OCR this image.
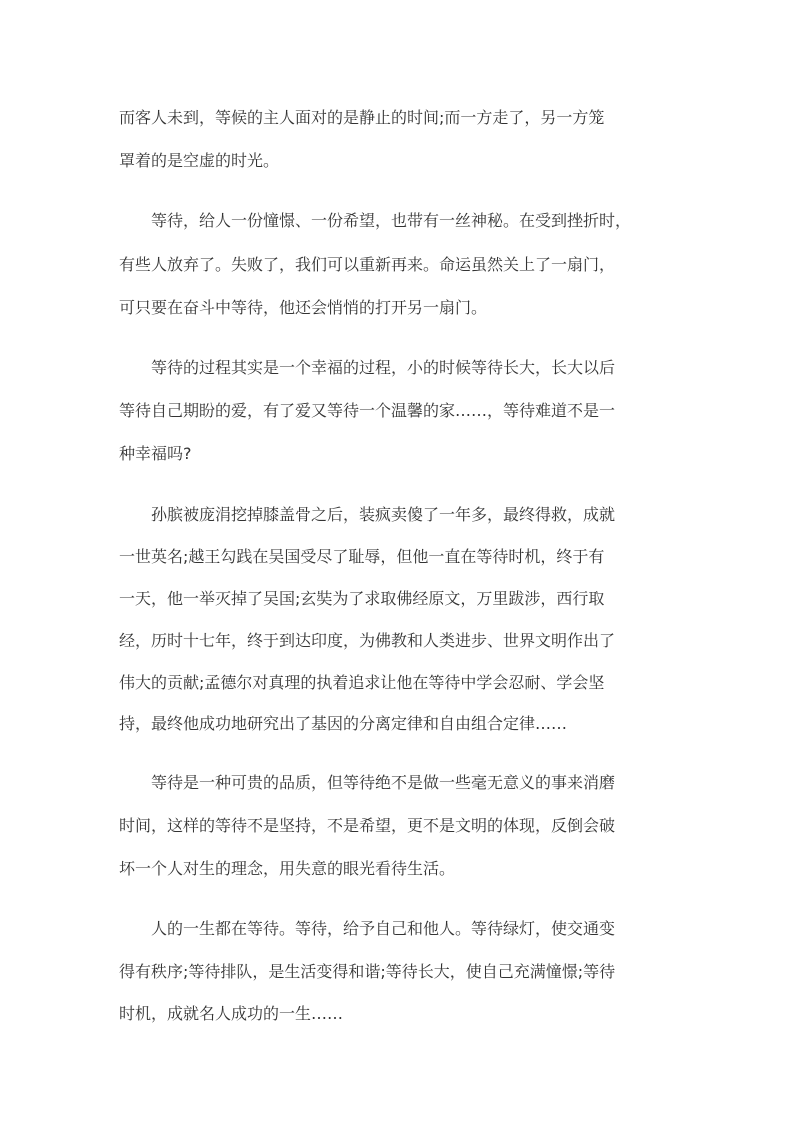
而客人未到，等候的主人面对的是静止的时间;而一方走了，另一方笼
罩着的是空虚的时光。
　　等待，给人一份憧憬、一份希望，也带有一丝神秘。在受到挫折时，
有些人放弃了。失败了，我们可以重新再来。命运虽然关上了一扇门，
可只要在奋斗中等待，他还会悄悄的打开另一扇门。
　　等待的过程其实是一个幸福的过程，小的时候等待长大，长大以后
等待自己期盼的爱，有了爱又等待一个温馨的家……，等待难道不是一
种幸福吗?
　　孙膑被庞涓挖掉膝盖骨之后，装疯卖傻了一年多，最终得救，成就
一世英名;越王勾践在吴国受尽了耻辱，但他一直在等待时机，终于有
一天，他一举灭掉了吴国;玄奘为了求取佛经原文，万里跋涉，西行取
经，历时十七年，终于到达印度，为佛教和人类进步、世界文明作出了
伟大的贡献;孟德尔对真理的执着追求让他在等待中学会忍耐、学会坚
持，最终他成功地研究出了基因的分离定律和自由组合定律……
　　等待是一种可贵的品质，但等待绝不是做一些毫无意义的事来消磨
时间，这样的等待不是坚持，不是希望，更不是文明的体现，反倒会破
坏一个人对生的理念，用失意的眼光看待生活。
　　人的一生都在等待。等待，给予自己和他人。等待绿灯，使交通变
得有秩序;等待排队，是生活变得和谐;等待长大，使自己充满憧憬;等待
时机，成就名人成功的一生……
